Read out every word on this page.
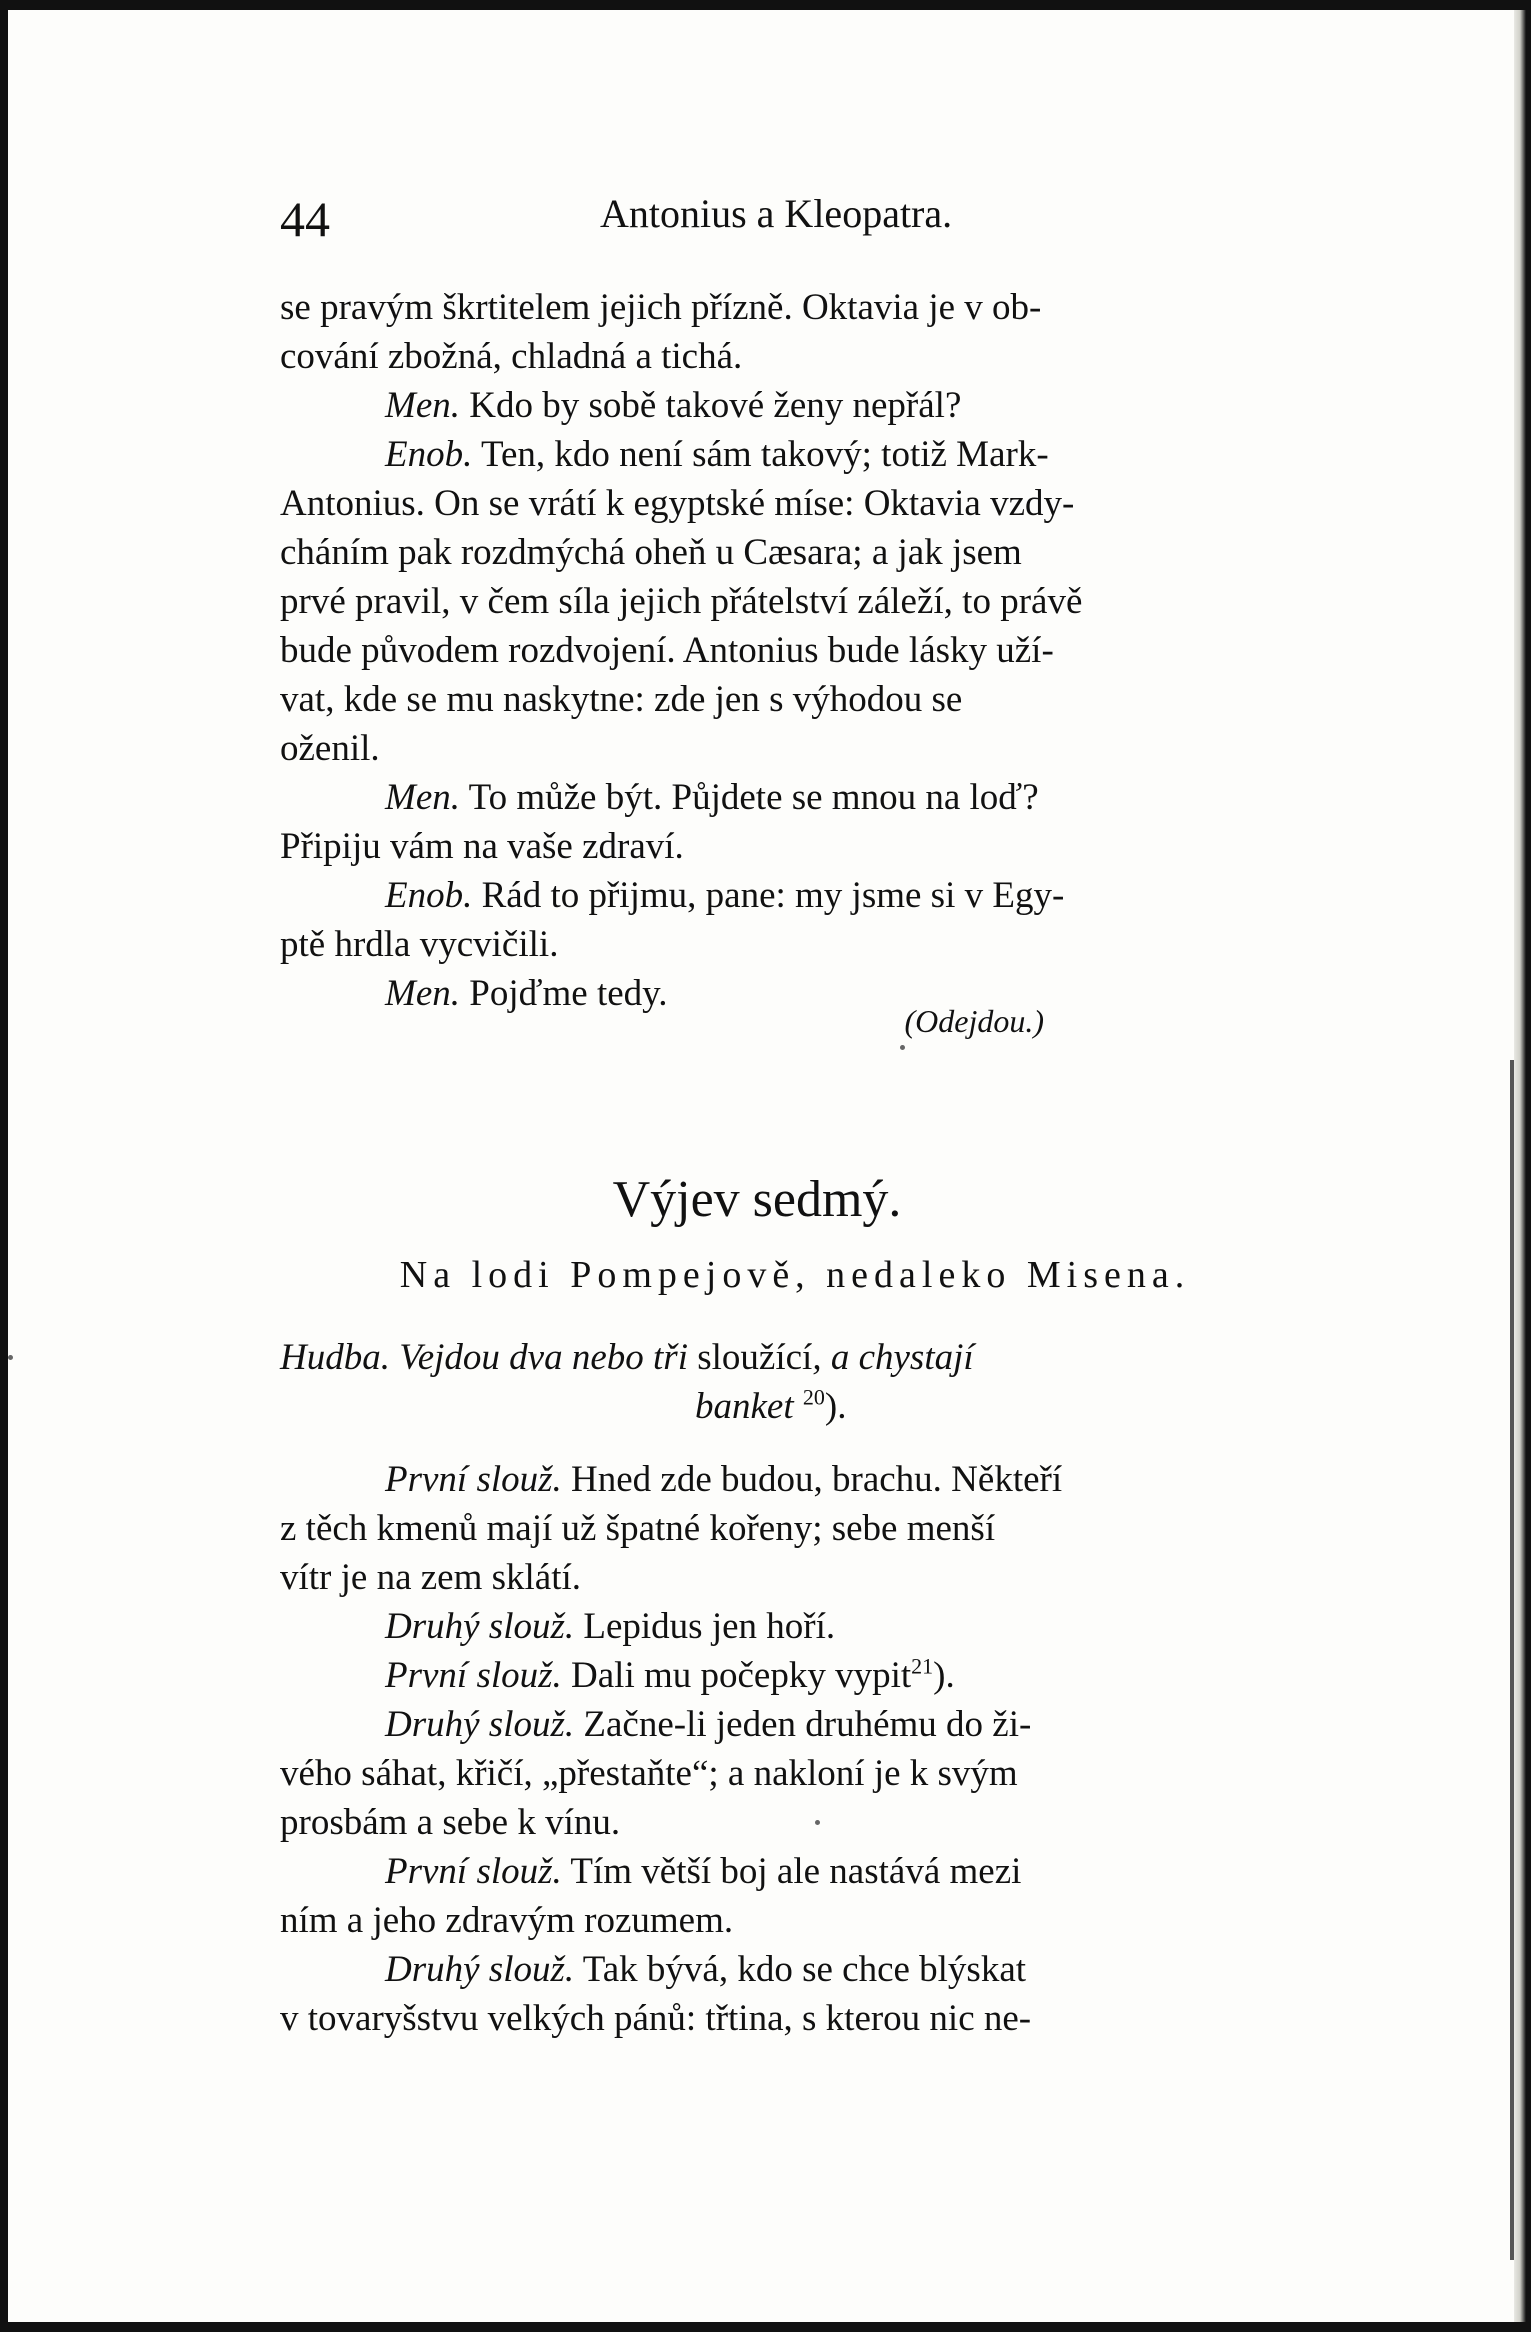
44	Antonius a Kleopatra.
se pravým škrtitelem jejich přízně. Oktavia je v ob-
cování zbožná, chladná a tichá.
Men. Kdo by sobě takové ženy nepřál?
Enob. Ten, kdo není sám takový; totiž Mark-
Antonius. On se vrátí k egyptské míse: Oktavia vzdy-
cháním pak rozdmýchá oheň u Cæsara; a jak jsem
prvé pravil, v čem síla jejich přátelství záleží, to právě
bude původem rozdvojení. Antonius bude lásky uží-
vat, kde se mu naskytne: zde jen s výhodou se
oženil.
Men. To může být. Půjdete se mnou na loď?
Připiju vám na vaše zdraví.
Enob. Rád to přijmu, pane: my jsme si v Egy-
ptě hrdla vycvičili.
Men. Pojďme tedy.
(Odejdou.)
Výjev sedmý.
Na lodi Pompejově, nedaleko Misena.
Hudba. Vejdou dva nebo tři sloužící, a chystají
banket $^{20}$).
První slouž. Hned zde budou, brachu. Někteří
z těch kmenů mají už špatné kořeny; sebe menší
vítr je na zem sklátí.
Druhý slouž. Lepidus jen hoří.
První slouž. Dali mu počepky vypit$^{21}$).
Druhý slouž. Začne-li jeden druhému do ži-
vého sáhat, křičí, „přestaňte“; a nakloní je k svým
prosbám a sebe k vínu.
První slouž. Tím větší boj ale nastává mezi
ním a jeho zdravým rozumem.
Druhý slouž. Tak bývá, kdo se chce blýskat
v tovaryšstvu velkých pánů: třtina, s kterou nic ne-
